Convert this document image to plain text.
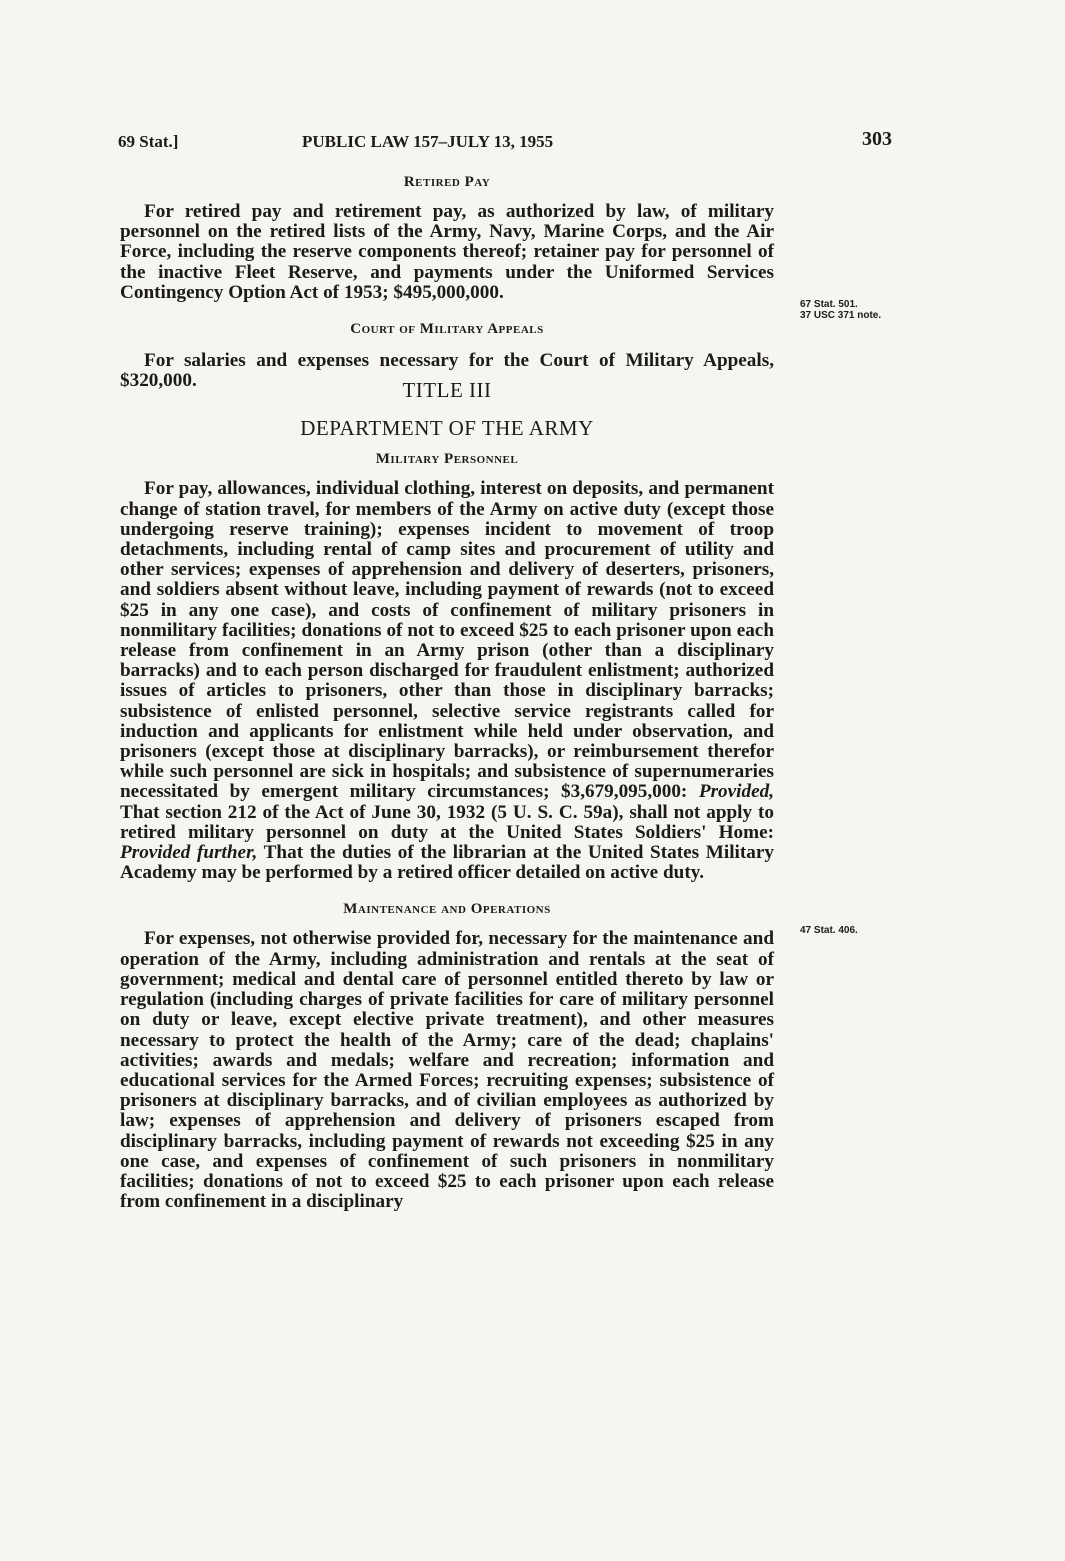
69 Stat.]	PUBLIC LAW 157–JULY 13, 1955	303

Retired Pay

For retired pay and retirement pay, as authorized by law, of military personnel on the retired lists of the Army, Navy, Marine Corps, and the Air Force, including the reserve components thereof; retainer pay for personnel of the inactive Fleet Reserve, and payments under the Uniformed Services Contingency Option Act of 1953; $495,000,000.

Court of Military Appeals

For salaries and expenses necessary for the Court of Military Appeals, $320,000.	TITLE III

DEPARTMENT OF THE ARMY

Military Personnel

For pay, allowances, individual clothing, interest on deposits, and permanent change of station travel, for members of the Army on active duty (except those undergoing reserve training); expenses incident to movement of troop detachments, including rental of camp sites and procurement of utility and other services; expenses of apprehension and delivery of deserters, prisoners, and soldiers absent without leave, including payment of rewards (not to exceed $25 in any one case), and costs of confinement of military prisoners in nonmilitary facilities; donations of not to exceed $25 to each prisoner upon each release from confinement in an Army prison (other than a disciplinary barracks) and to each person discharged for fraudulent enlistment; authorized issues of articles to prisoners, other than those in disciplinary barracks; subsistence of enlisted personnel, selective service registrants called for induction and applicants for enlistment while held under observation, and prisoners (except those at disciplinary barracks), or reimbursement therefor while such personnel are sick in hospitals; and subsistence of supernumeraries necessitated by emergent military circumstances; $3,679,095,000: Provided, That section 212 of the Act of June 30, 1932 (5 U. S. C. 59a), shall not apply to retired military personnel on duty at the United States Soldiers' Home: Provided further, That the duties of the librarian at the United States Military Academy may be performed by a retired officer detailed on active duty.

Maintenance and Operations

For expenses, not otherwise provided for, necessary for the maintenance and operation of the Army, including administration and rentals at the seat of government; medical and dental care of personnel entitled thereto by law or regulation (including charges of private facilities for care of military personnel on duty or leave, except elective private treatment), and other measures necessary to protect the health of the Army; care of the dead; chaplains' activities; awards and medals; welfare and recreation; information and educational services for the Armed Forces; recruiting expenses; subsistence of prisoners at disciplinary barracks, and of civilian employees as authorized by law; expenses of apprehension and delivery of prisoners escaped from disciplinary barracks, including payment of rewards not exceeding $25 in any one case, and expenses of confinement of such prisoners in nonmilitary facilities; donations of not to exceed $25 to each prisoner upon each release from confinement in a disciplinary

67 Stat. 501.
37 USC 371 note.
47 Stat. 406.
